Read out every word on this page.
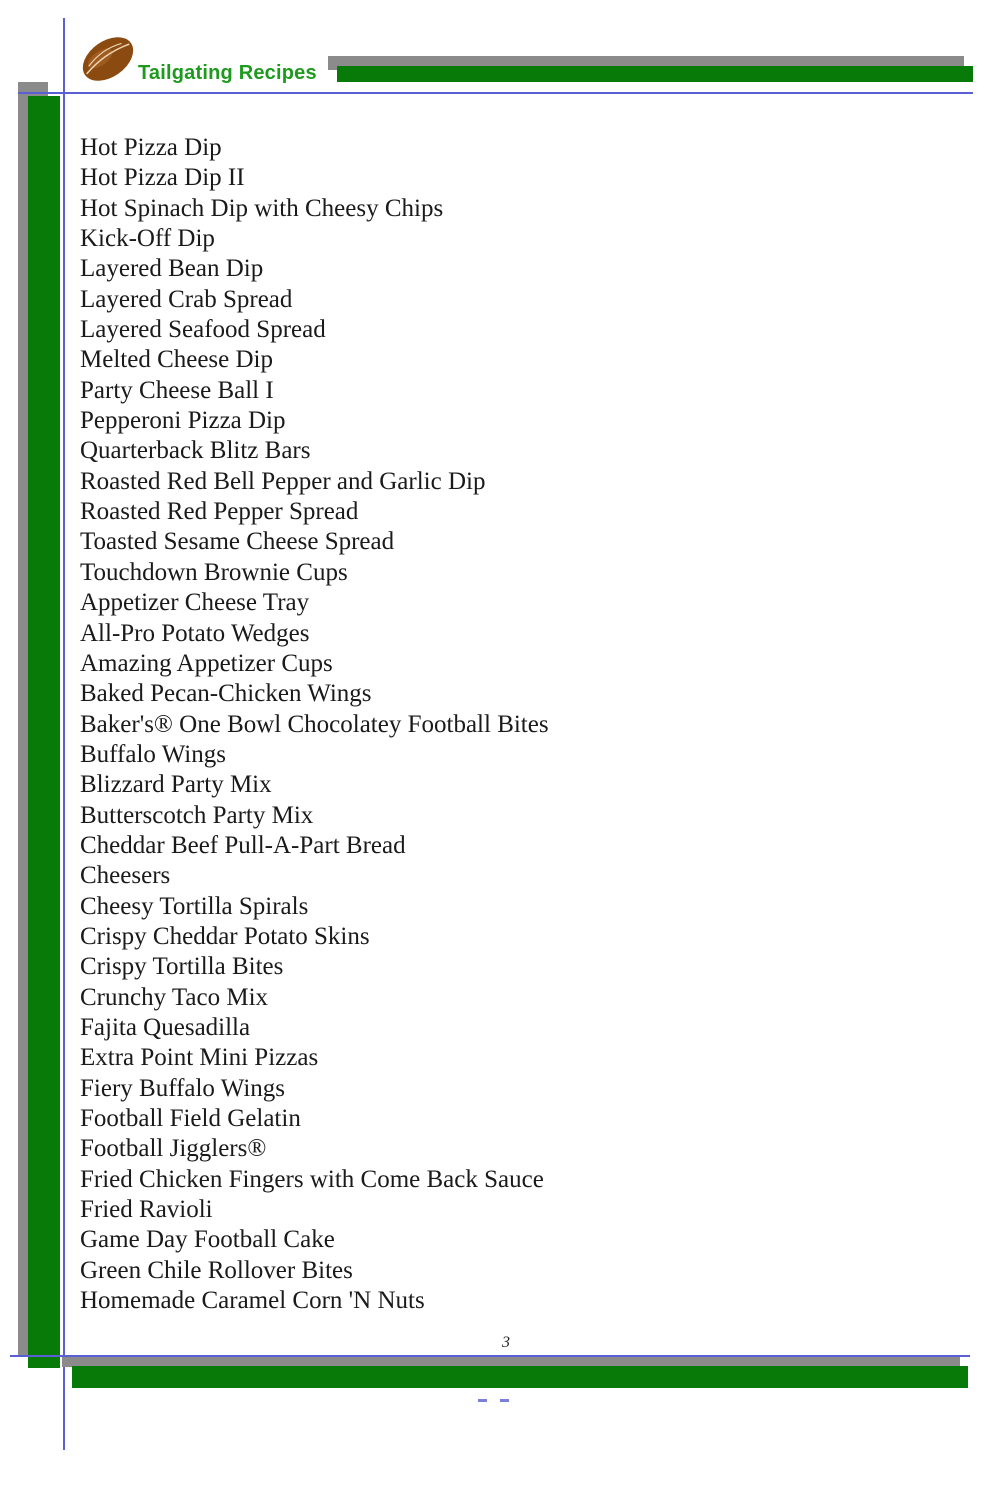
Tailgating Recipes
Hot Pizza Dip
Hot Pizza Dip II
Hot Spinach Dip with Cheesy Chips
Kick-Off Dip
Layered Bean Dip
Layered Crab Spread
Layered Seafood Spread
Melted Cheese Dip
Party Cheese Ball I
Pepperoni Pizza Dip
Quarterback Blitz Bars
Roasted Red Bell Pepper and Garlic Dip
Roasted Red Pepper Spread
Toasted Sesame Cheese Spread
Touchdown Brownie Cups
Appetizer Cheese Tray
All-Pro Potato Wedges
Amazing Appetizer Cups
Baked Pecan-Chicken Wings
Baker's® One Bowl Chocolatey Football Bites
Buffalo Wings
Blizzard Party Mix
Butterscotch Party Mix
Cheddar Beef Pull-A-Part Bread
Cheesers
Cheesy Tortilla Spirals
Crispy Cheddar Potato Skins
Crispy Tortilla Bites
Crunchy Taco Mix
Fajita Quesadilla
Extra Point Mini Pizzas
Fiery Buffalo Wings
Football Field Gelatin
Football Jigglers®
Fried Chicken Fingers with Come Back Sauce
Fried Ravioli
Game Day Football Cake
Green Chile Rollover Bites
Homemade Caramel Corn 'N Nuts
3
